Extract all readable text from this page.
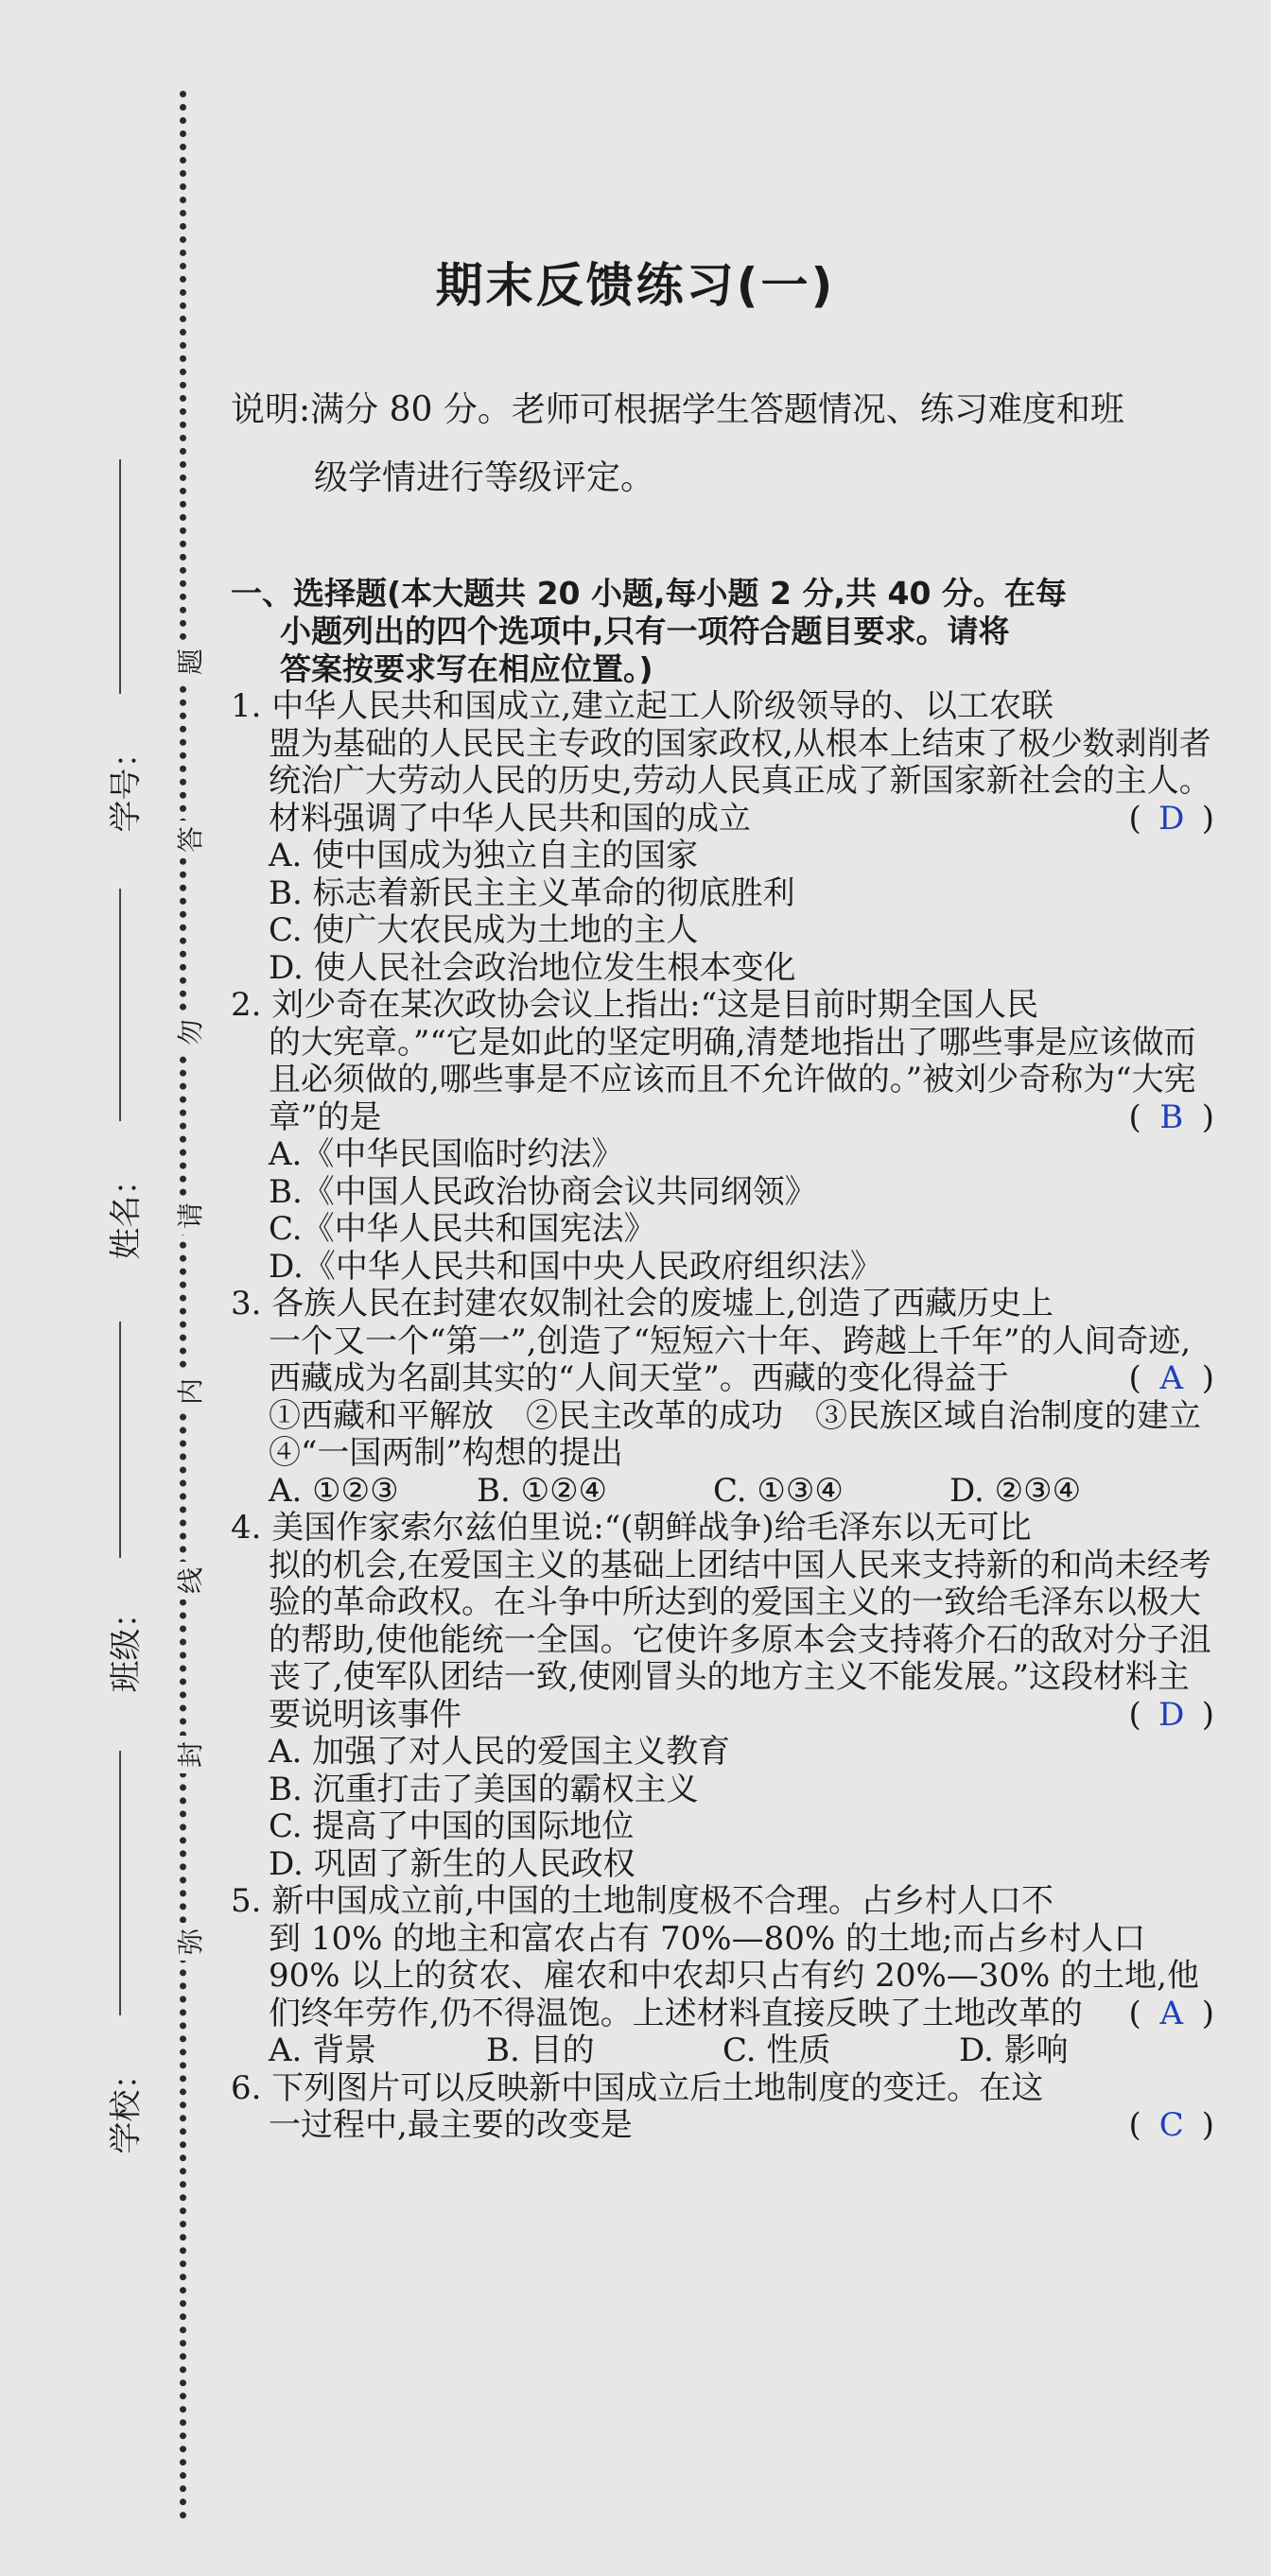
学号：
姓名：
班级：
学校：
题
答
勿
请
内
线
封
弥
期末反馈练习(一)
说明:满分 80 分。老师可根据学生答题情况、练习难度和班
级学情进行等级评定。
一、选择题(本大题共 20 小题,每小题 2 分,共 40 分。在每
小题列出的四个选项中,只有一项符合题目要求。请将
答案按要求写在相应位置。)
1. 中华人民共和国成立,建立起工人阶级领导的、以工农联
盟为基础的人民民主专政的国家政权,从根本上结束了极少数剥削者统治广大劳动人民的历史,劳动人民真正成了新国家新社会的主人。材料强调了中华人民共和国的成立	( D )
A. 使中国成为独立自主的国家
B. 标志着新民主主义革命的彻底胜利
C. 使广大农民成为土地的主人
D. 使人民社会政治地位发生根本变化
2. 刘少奇在某次政协会议上指出:“这是目前时期全国人民
的大宪章。”“它是如此的坚定明确,清楚地指出了哪些事是应该做而且必须做的,哪些事是不应该而且不允许做的。”被刘少奇称为“大宪章”的是	( B )
A.《中华民国临时约法》
B.《中国人民政治协商会议共同纲领》
C.《中华人民共和国宪法》
D.《中华人民共和国中央人民政府组织法》
3. 各族人民在封建农奴制社会的废墟上,创造了西藏历史上
一个又一个“第一”,创造了“短短六十年、跨越上千年”的人间奇迹,西藏成为名副其实的“人间天堂”。西藏的变化得益于	( A )
①西藏和平解放　②民主改革的成功　③民族区域自治制度的建立　④“一国两制”构想的提出
A. ①②③	B. ①②④	C. ①③④	D. ②③④
4. 美国作家索尔兹伯里说:“(朝鲜战争)给毛泽东以无可比
拟的机会,在爱国主义的基础上团结中国人民来支持新的和尚未经考验的革命政权。在斗争中所达到的爱国主义的一致给毛泽东以极大的帮助,使他能统一全国。它使许多原本会支持蒋介石的敌对分子沮丧了,使军队团结一致,使刚冒头的地方主义不能发展。”这段材料主要说明该事件	( D )
A. 加强了对人民的爱国主义教育
B. 沉重打击了美国的霸权主义
C. 提高了中国的国际地位
D. 巩固了新生的人民政权
5. 新中国成立前,中国的土地制度极不合理。占乡村人口不
到 10% 的地主和富农占有 70%—80% 的土地;而占乡村人口 90% 以上的贫农、雇农和中农却只占有约 20%—30% 的土地,他们终年劳作,仍不得温饱。上述材料直接反映了土地改革的 ( A )
A. 背景	B. 目的	C. 性质	D. 影响
6. 下列图片可以反映新中国成立后土地制度的变迁。在这
一过程中,最主要的改变是	( C )
